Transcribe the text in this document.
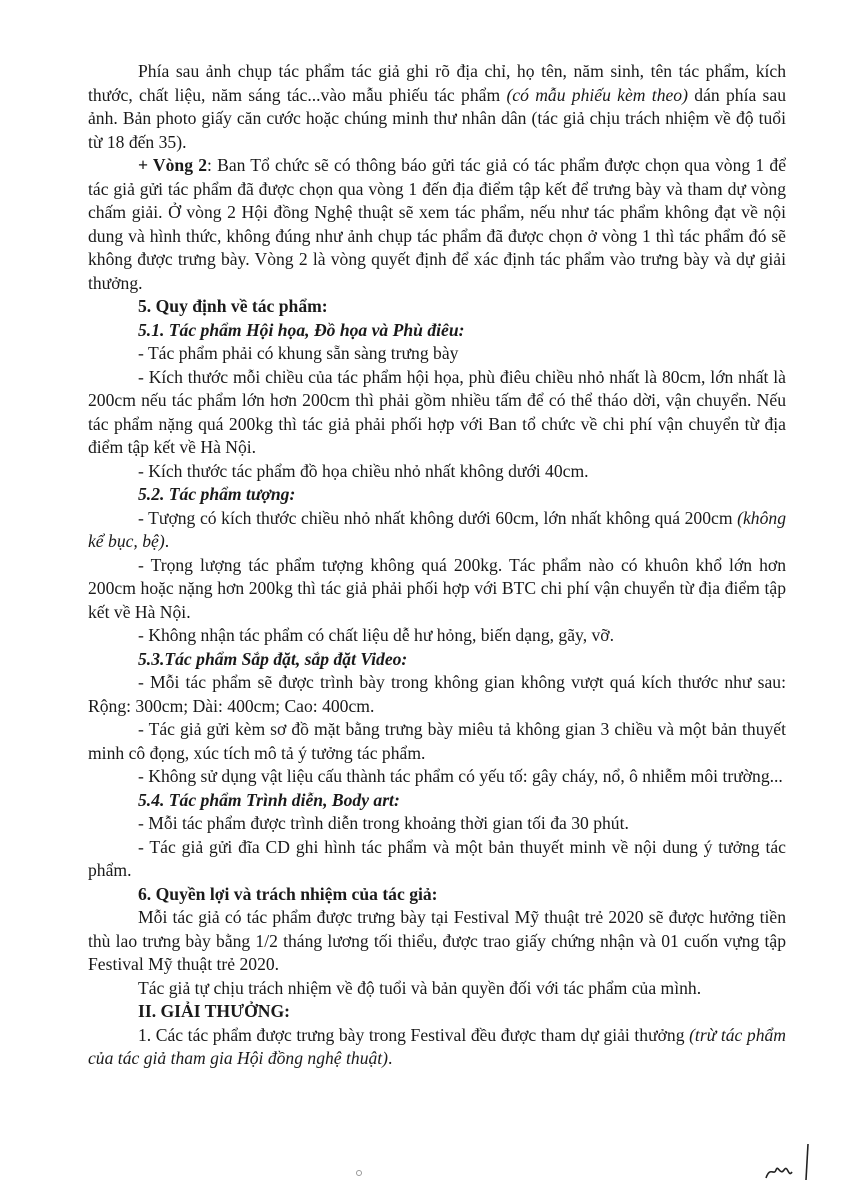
Phía sau ảnh chụp tác phẩm tác giả ghi rõ địa chỉ, họ tên, năm sinh, tên tác phẩm, kích thước, chất liệu, năm sáng tác...vào mẫu phiếu tác phẩm (có mẫu phiếu kèm theo) dán phía sau ảnh. Bản photo giấy căn cước hoặc chúng minh thư nhân dân (tác giả chịu trách nhiệm về độ tuổi từ 18 đến 35).

+ Vòng 2: Ban Tổ chức sẽ có thông báo gửi tác giả có tác phẩm được chọn qua vòng 1 để tác giả gửi tác phẩm đã được chọn qua vòng 1 đến địa điểm tập kết để trưng bày và tham dự vòng chấm giải. Ở vòng 2 Hội đồng Nghệ thuật sẽ xem tác phẩm, nếu như tác phẩm không đạt về nội dung và hình thức, không đúng như ảnh chụp tác phẩm đã được chọn ở vòng 1 thì tác phẩm đó sẽ không được trưng bày. Vòng 2 là vòng quyết định để xác định tác phẩm vào trưng bày và dự giải thưởng.

5. Quy định về tác phẩm:

5.1. Tác phẩm Hội họa, Đồ họa và Phù điêu:

- Tác phẩm phải có khung sẵn sàng trưng bày

- Kích thước mỗi chiều của tác phẩm hội họa, phù điêu chiều nhỏ nhất là 80cm, lớn nhất là 200cm nếu tác phẩm lớn hơn 200cm thì phải gồm nhiều tấm để có thể tháo dời, vận chuyển. Nếu tác phẩm nặng quá 200kg thì tác giả phải phối hợp với Ban tổ chức về chi phí vận chuyển từ địa điểm tập kết về Hà Nội.

- Kích thước tác phẩm đồ họa chiều nhỏ nhất không dưới 40cm.

5.2. Tác phẩm tượng:

- Tượng có kích thước chiều nhỏ nhất không dưới 60cm, lớn nhất không quá 200cm (không kể bục, bệ).

- Trọng lượng tác phẩm tượng không quá 200kg. Tác phẩm nào có khuôn khổ lớn hơn 200cm hoặc nặng hơn 200kg thì tác giả phải phối hợp với BTC chi phí vận chuyển từ địa điểm tập kết về Hà Nội.

- Không nhận tác phẩm có chất liệu dễ hư hỏng, biến dạng, gãy, vỡ.

5.3.Tác phẩm Sắp đặt, sắp đặt Video:

- Mỗi tác phẩm sẽ được trình bày trong không gian không vượt quá kích thước như sau: Rộng: 300cm; Dài: 400cm; Cao: 400cm.

- Tác giả gửi kèm sơ đồ mặt bằng trưng bày miêu tả không gian 3 chiều và một bản thuyết minh cô đọng, xúc tích mô tả ý tưởng tác phẩm.

- Không sử dụng vật liệu cấu thành tác phẩm có yếu tố: gây cháy, nổ, ô nhiễm môi trường...

5.4. Tác phẩm Trình diễn, Body art:

- Mỗi tác phẩm được trình diễn trong khoảng thời gian tối đa 30 phút.

- Tác giả gửi đĩa CD ghi hình tác phẩm và một bản thuyết minh về nội dung ý tưởng tác phẩm.

6. Quyền lợi và trách nhiệm của tác giả:

Mỗi tác giả có tác phẩm được trưng bày tại Festival Mỹ thuật trẻ 2020 sẽ được hưởng tiền thù lao trưng bày bằng 1/2 tháng lương tối thiểu, được trao giấy chứng nhận và 01 cuốn vựng tập Festival Mỹ thuật trẻ 2020.

Tác giả tự chịu trách nhiệm về độ tuổi và bản quyền đối với tác phẩm của mình.

II. GIẢI THƯỞNG:

1. Các tác phẩm được trưng bày trong Festival đều được tham dự giải thưởng (trừ tác phẩm của tác giả tham gia Hội đồng nghệ thuật).
